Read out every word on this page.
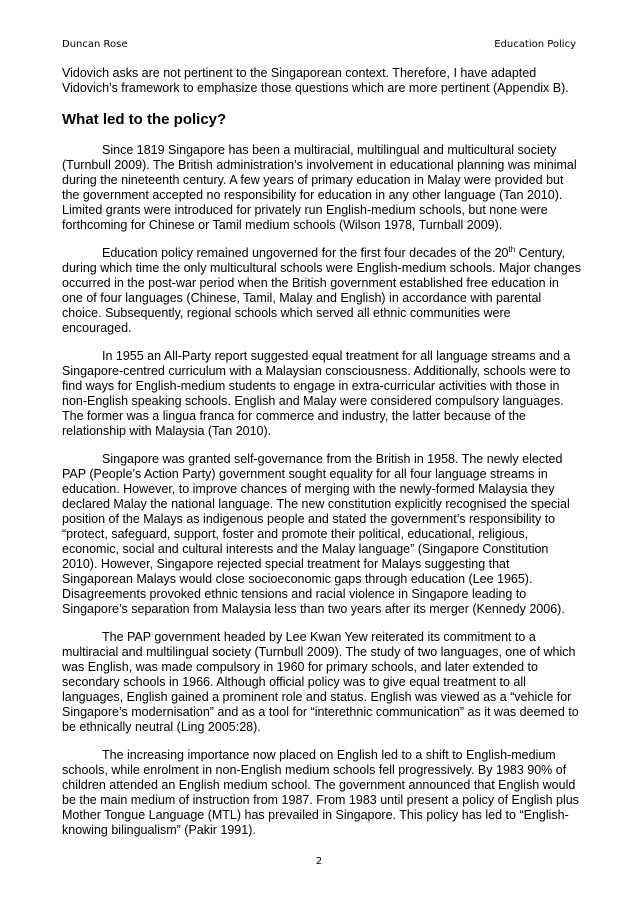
Duncan Rose	Education Policy

Vidovich asks are not pertinent to the Singaporean context. Therefore, I have adapted Vidovich’s framework to emphasize those questions which are more pertinent (Appendix B).

What led to the policy?

Since 1819 Singapore has been a multiracial, multilingual and multicultural society (Turnbull 2009). The British administration’s involvement in educational planning was minimal during the nineteenth century. A few years of primary education in Malay were provided but the government accepted no responsibility for education in any other language (Tan 2010). Limited grants were introduced for privately run English-medium schools, but none were forthcoming for Chinese or Tamil medium schools (Wilson 1978, Turnball 2009).

Education policy remained ungoverned for the first four decades of the 20th Century, during which time the only multicultural schools were English-medium schools. Major changes occurred in the post-war period when the British government established free education in one of four languages (Chinese, Tamil, Malay and English) in accordance with parental choice. Subsequently, regional schools which served all ethnic communities were encouraged.

In 1955 an All-Party report suggested equal treatment for all language streams and a Singapore-centred curriculum with a Malaysian consciousness. Additionally, schools were to find ways for English-medium students to engage in extra-curricular activities with those in non-English speaking schools. English and Malay were considered compulsory languages. The former was a lingua franca for commerce and industry, the latter because of the relationship with Malaysia (Tan 2010).

Singapore was granted self-governance from the British in 1958. The newly elected PAP (People’s Action Party) government sought equality for all four language streams in education. However, to improve chances of merging with the newly-formed Malaysia they declared Malay the national language. The new constitution explicitly recognised the special position of the Malays as indigenous people and stated the government’s responsibility to “protect, safeguard, support, foster and promote their political, educational, religious, economic, social and cultural interests and the Malay language” (Singapore Constitution 2010). However, Singapore rejected special treatment for Malays suggesting that Singaporean Malays would close socioeconomic gaps through education (Lee 1965). Disagreements provoked ethnic tensions and racial violence in Singapore leading to Singapore’s separation from Malaysia less than two years after its merger (Kennedy 2006).

The PAP government headed by Lee Kwan Yew reiterated its commitment to a multiracial and multilingual society (Turnbull 2009). The study of two languages, one of which was English, was made compulsory in 1960 for primary schools, and later extended to secondary schools in 1966. Although official policy was to give equal treatment to all languages, English gained a prominent role and status. English was viewed as a “vehicle for Singapore’s modernisation” and as a tool for “interethnic communication” as it was deemed to be ethnically neutral (Ling 2005:28).

The increasing importance now placed on English led to a shift to English-medium schools, while enrolment in non-English medium schools fell progressively. By 1983 90% of children attended an English medium school. The government announced that English would be the main medium of instruction from 1987. From 1983 until present a policy of English plus Mother Tongue Language (MTL) has prevailed in Singapore. This policy has led to “English-knowing bilingualism” (Pakir 1991).

2
